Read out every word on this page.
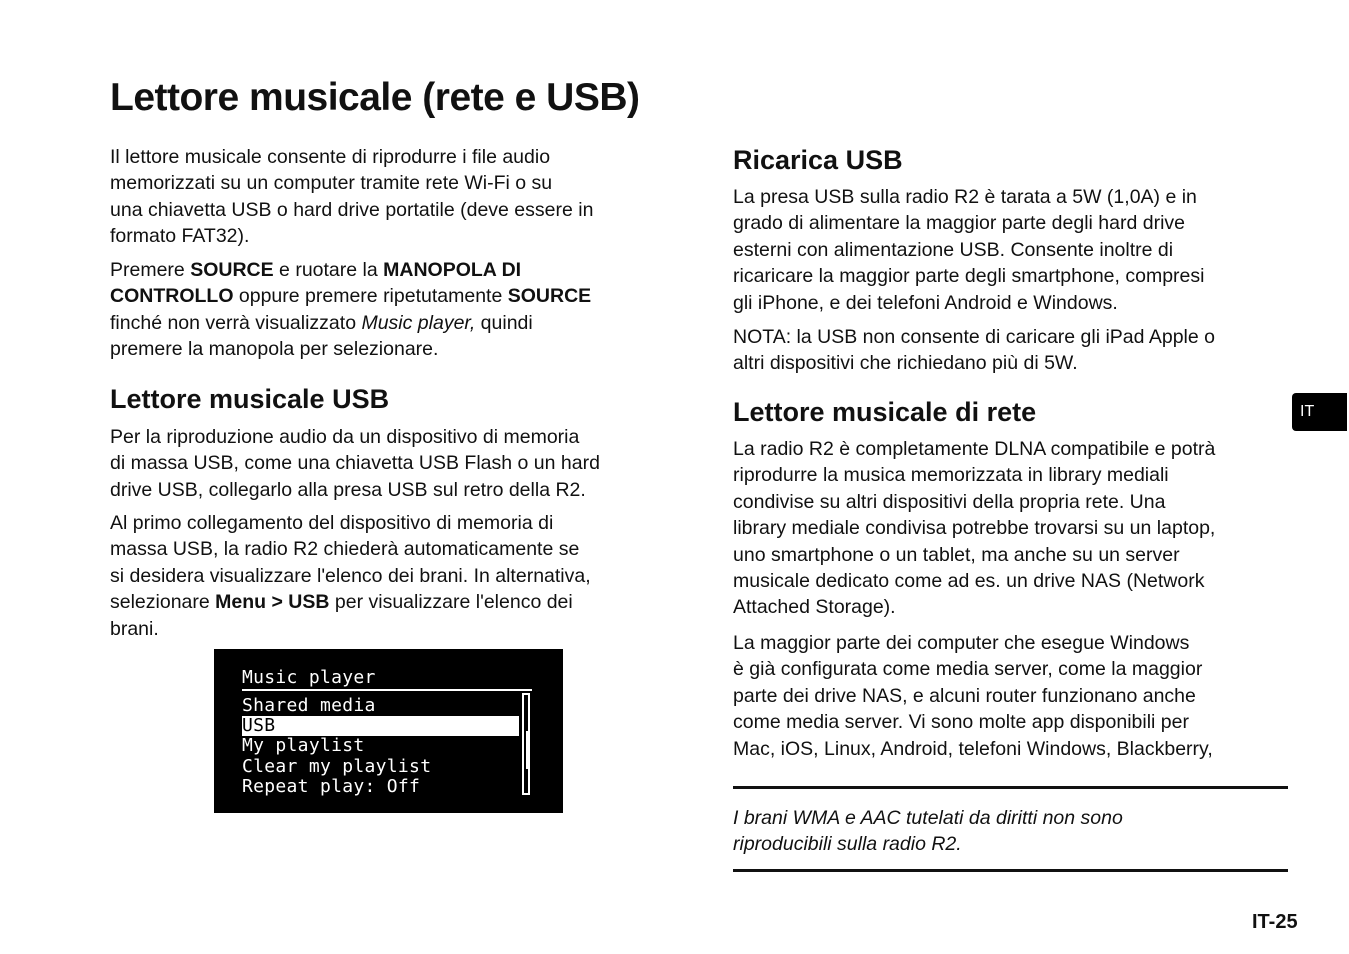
Lettore musicale (rete e USB)

Il lettore musicale consente di riprodurre i file audio
memorizzati su un computer tramite rete Wi-Fi o su
una chiavetta USB o hard drive portatile (deve essere in
formato FAT32).

Premere SOURCE e ruotare la MANOPOLA DI
CONTROLLO oppure premere ripetutamente SOURCE
finché non verrà visualizzato Music player, quindi
premere la manopola per selezionare.

Lettore musicale USB

Per la riproduzione audio da un dispositivo di memoria
di massa USB, come una chiavetta USB Flash o un hard
drive USB, collegarlo alla presa USB sul retro della R2.

Al primo collegamento del dispositivo di memoria di
massa USB, la radio R2 chiederà automaticamente se
si desidera visualizzare l'elenco dei brani. In alternativa,
selezionare Menu > USB per visualizzare l'elenco dei
brani.

Music player
Shared media
USB
My playlist
Clear my playlist
Repeat play: Off
Ricarica USB

La presa USB sulla radio R2 è tarata a 5W (1,0A) e in
grado di alimentare la maggior parte degli hard drive
esterni con alimentazione USB. Consente inoltre di
ricaricare la maggior parte degli smartphone, compresi
gli iPhone, e dei telefoni Android e Windows.

NOTA: la USB non consente di caricare gli iPad Apple o
altri dispositivi che richiedano più di 5W.

Lettore musicale di rete

La radio R2 è completamente DLNA compatibile e potrà
riprodurre la musica memorizzata in library mediali
condivise su altri dispositivi della propria rete. Una
library mediale condivisa potrebbe trovarsi su un laptop,
uno smartphone o un tablet, ma anche su un server
musicale dedicato come ad es. un drive NAS (Network
Attached Storage).

La maggior parte dei computer che esegue Windows
è già configurata come media server, come la maggior
parte dei drive NAS, e alcuni router funzionano anche
come media server. Vi sono molte app disponibili per
Mac, iOS, Linux, Android, telefoni Windows, Blackberry,

I brani WMA e AAC tutelati da diritti non sono
riproducibili sulla radio R2.

IT
IT-25
